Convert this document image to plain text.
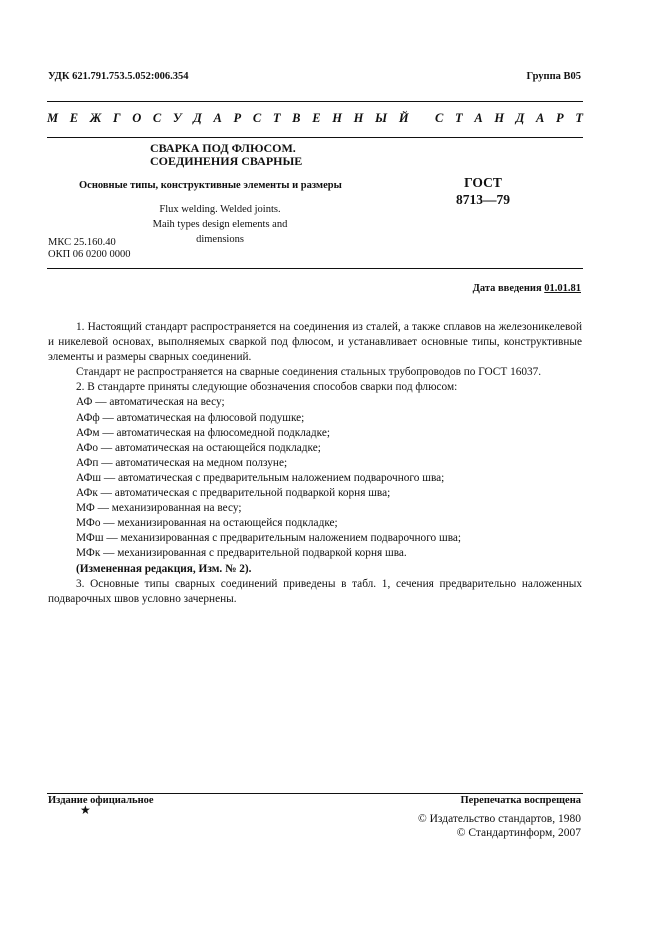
УДК 621.791.753.5.052:006.354	Группа В05
М Е Ж Г О С У Д А Р С Т В Е Н Н Ы Й
С Т А Н Д А Р Т
СВАРКА ПОД ФЛЮСОМ.
СОЕДИНЕНИЯ СВАРНЫЕ
Основные типы, конструктивные элементы и размеры	ГОСТ
8713—79
Flux welding. Welded joints.
Maih types design elements and dimensions
МКС 25.160.40
ОКП 06 0200 0000
Дата введения 01.01.81

1. Настоящий стандарт распространяется на соединения из сталей, а также сплавов на железоникелевой и никелевой основах, выполняемых сваркой под флюсом, и устанавливает основные типы, конструктивные элементы и размеры сварных соединений.

Стандарт не распространяется на сварные соединения стальных трубопроводов по ГОСТ 16037.

2. В стандарте приняты следующие обозначения способов сварки под флюсом:

АФ — автоматическая на весу;

АФф — автоматическая на флюсовой подушке;

АФм — автоматическая на флюсомедной подкладке;

АФо — автоматическая на остающейся подкладке;

АФп — автоматическая на медном ползуне;

АФш — автоматическая с предварительным наложением подварочного шва;

АФк — автоматическая с предварительной подваркой корня шва;

МФ — механизированная на весу;

МФо — механизированная на остающейся подкладке;

МФш — механизированная с предварительным наложением подварочного шва;

МФк — механизированная с предварительной подваркой корня шва.

(Измененная редакция, Изм. № 2).

3. Основные типы сварных соединений приведены в табл. 1, сечения предварительно наложенных подварочных швов условно зачернены.

Издание официальное
★
Перепечатка воспрещена
© Издательство стандартов, 1980
© Стандартинформ, 2007
